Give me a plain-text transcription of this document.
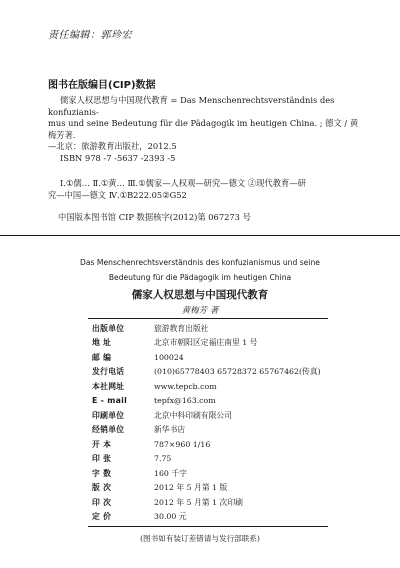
责任编辑：郭珍宏
图书在版编目(CIP)数据
儒家人权思想与中国现代教育 = Das Menschenrechtsverständnis des konfuzianis-
mus und seine Bedeutung für die Pädagogik im heutigen China. ; 德文 / 黄梅芳著.
—北京：旅游教育出版社，2012.5
ISBN 978 -7 -5637 -2393 -5
Ⅰ.①儒… Ⅱ.①黄… Ⅲ.①儒家—人权观—研究—德文 ②现代教育—研
究—中国—德文 Ⅳ.①B222.05②G52
中国版本图书馆 CIP 数据核字(2012)第 067273 号
Das Menschenrechtsverständnis des konfuzianismus und seine
Bedeutung für die Pädagogik im heutigen China
儒家人权思想与中国现代教育
黄梅芳 著
出版单位	旅游教育出版社
地 址	北京市朝阳区定福庄南里 1 号
邮 编	100024
发行电话	(010)65778403 65728372 65767462(传真)
本社网址	www.tepcb.com
E - mail	tepfx@163.com
印刷单位	北京中科印刷有限公司
经销单位	新华书店
开 本	787×960 1/16
印 张	7.75
字 数	160 千字
版 次	2012 年 5 月第 1 版
印 次	2012 年 5 月第 1 次印刷
定 价	30.00 元
(图书如有装订差错请与发行部联系)
